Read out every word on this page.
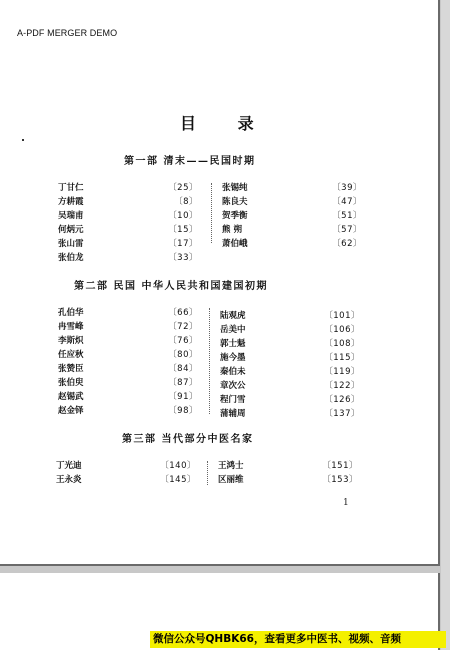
A-PDF MERGER DEMO
目 录
第一部 清末——民国时期
丁甘仁	〔25〕
方耕霞	〔8〕
吴瑞甫	〔10〕
何炳元	〔15〕
张山雷	〔17〕
张伯龙	〔33〕
张锡纯	〔39〕
陈良夫	〔47〕
贺季衡	〔51〕
熊 朔	〔57〕
萧伯峨	〔62〕
第二部 民国 中华人民共和国建国初期
孔伯华	〔66〕
冉雪峰	〔72〕
李斯炽	〔76〕
任应秋	〔80〕
张赞臣	〔84〕
张伯臾	〔87〕
赵锡武	〔91〕
赵金铎	〔98〕
陆观虎	〔101〕
岳美中	〔106〕
郭士魁	〔108〕
施今墨	〔115〕
秦伯未	〔119〕
章次公	〔122〕
程门雪	〔126〕
蒲辅周	〔137〕
第三部 当代部分中医名家
丁光迪	〔140〕
王永炎	〔145〕
王鸿士	〔151〕
区丽维	〔153〕
1
微信公众号QHBK66，查看更多中医书、视频、音频
